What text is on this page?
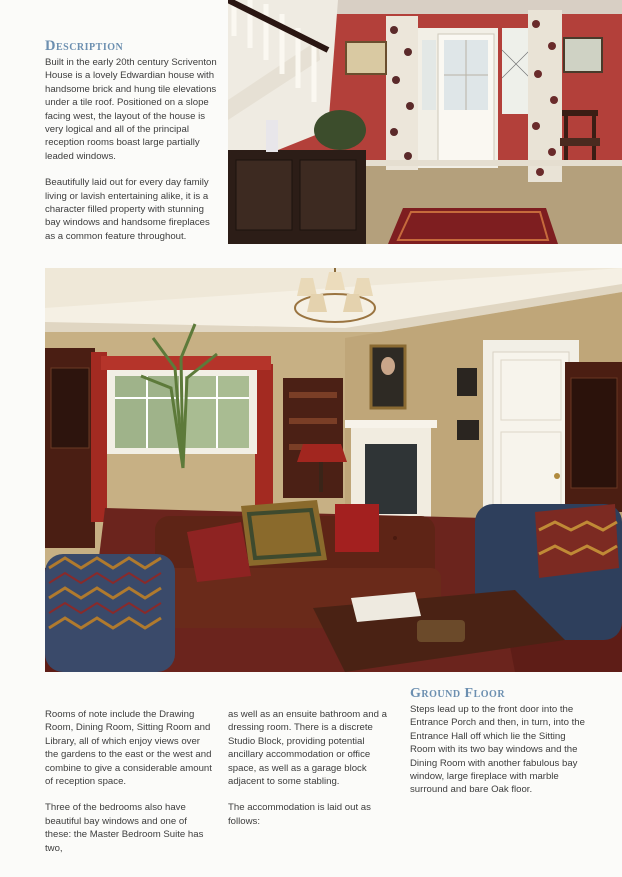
Description

Built in the early 20th century Scriventon House is a lovely Edwardian house with handsome brick and hung tile elevations under a tile roof. Positioned on a slope facing west, the layout of the house is very logical and all of the principal reception rooms boast large partially leaded windows.

Beautifully laid out for every day family living or lavish entertaining alike, it is a character filled property with stunning bay windows and handsome fireplaces as a common feature throughout.

Rooms of note include the Drawing Room, Dining Room, Sitting Room and Library, all of which enjoy views over the gardens to the east or the west and combine to give a considerable amount of reception space.

Three of the bedrooms also have beautiful bay windows and one of these: the Master Bedroom Suite has two,

as well as an ensuite bathroom and a dressing room. There is a discrete Studio Block, providing potential ancillary accommodation or office space, as well as a garage block adjacent to some stabling.

The accommodation is laid out as follows:

Ground Floor

Steps lead up to the front door into the Entrance Porch and then, in turn, into the Entrance Hall off which lie the Sitting Room with its two bay windows and the Dining Room with another fabulous bay window, large fireplace with marble surround and bare Oak floor.
